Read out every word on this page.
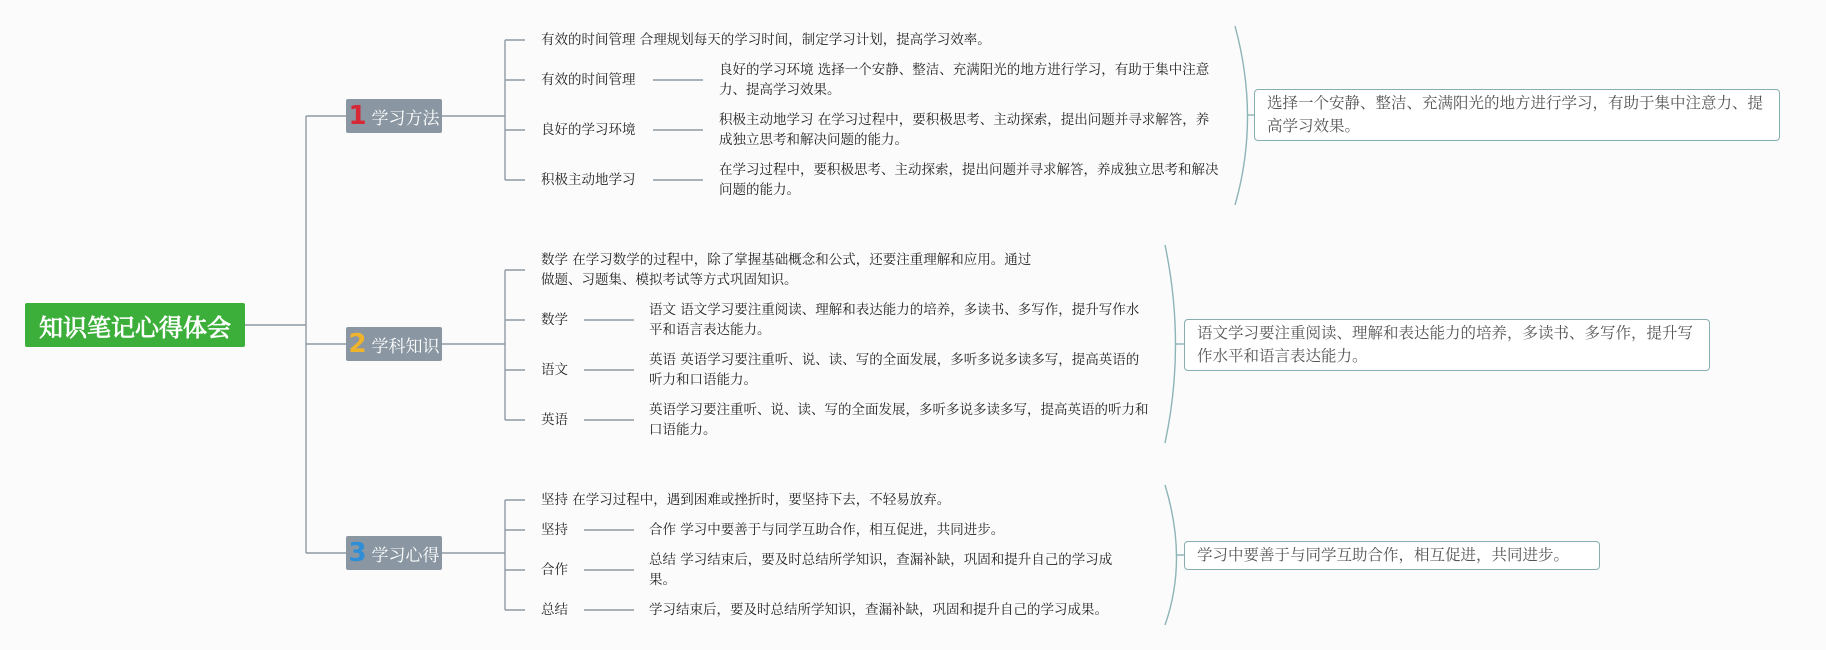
知识笔记心得体会
1 学习方法
有效的时间管理 合理规划每天的学习时间，制定学习计划，提高学习效率。
有效的时间管理
良好的学习环境 选择一个安静、整洁、充满阳光的地方进行学习，有助于集中注意力、提高学习效果。
良好的学习环境
积极主动地学习 在学习过程中，要积极思考、主动探索，提出问题并寻求解答，养成独立思考和解决问题的能力。
积极主动地学习
在学习过程中，要积极思考、主动探索，提出问题并寻求解答，养成独立思考和解决问题的能力。
选择一个安静、整洁、充满阳光的地方进行学习，有助于集中注意力、提高学习效果。
2 学科知识
数学 在学习数学的过程中，除了掌握基础概念和公式，还要注重理解和应用。通过做题、习题集、模拟考试等方式巩固知识。
数学
语文 语文学习要注重阅读、理解和表达能力的培养，多读书、多写作，提升写作水平和语言表达能力。
语文
英语 英语学习要注重听、说、读、写的全面发展，多听多说多读多写，提高英语的听力和口语能力。
英语
英语学习要注重听、说、读、写的全面发展，多听多说多读多写，提高英语的听力和口语能力。
语文学习要注重阅读、理解和表达能力的培养，多读书、多写作，提升写作水平和语言表达能力。
3 学习心得
坚持 在学习过程中，遇到困难或挫折时，要坚持下去，不轻易放弃。
坚持	合作 学习中要善于与同学互助合作，相互促进，共同进步。
合作
总结 学习结束后，要及时总结所学知识，查漏补缺，巩固和提升自己的学习成果。
总结	学习结束后，要及时总结所学知识，查漏补缺，巩固和提升自己的学习成果。
学习中要善于与同学互助合作，相互促进，共同进步。
